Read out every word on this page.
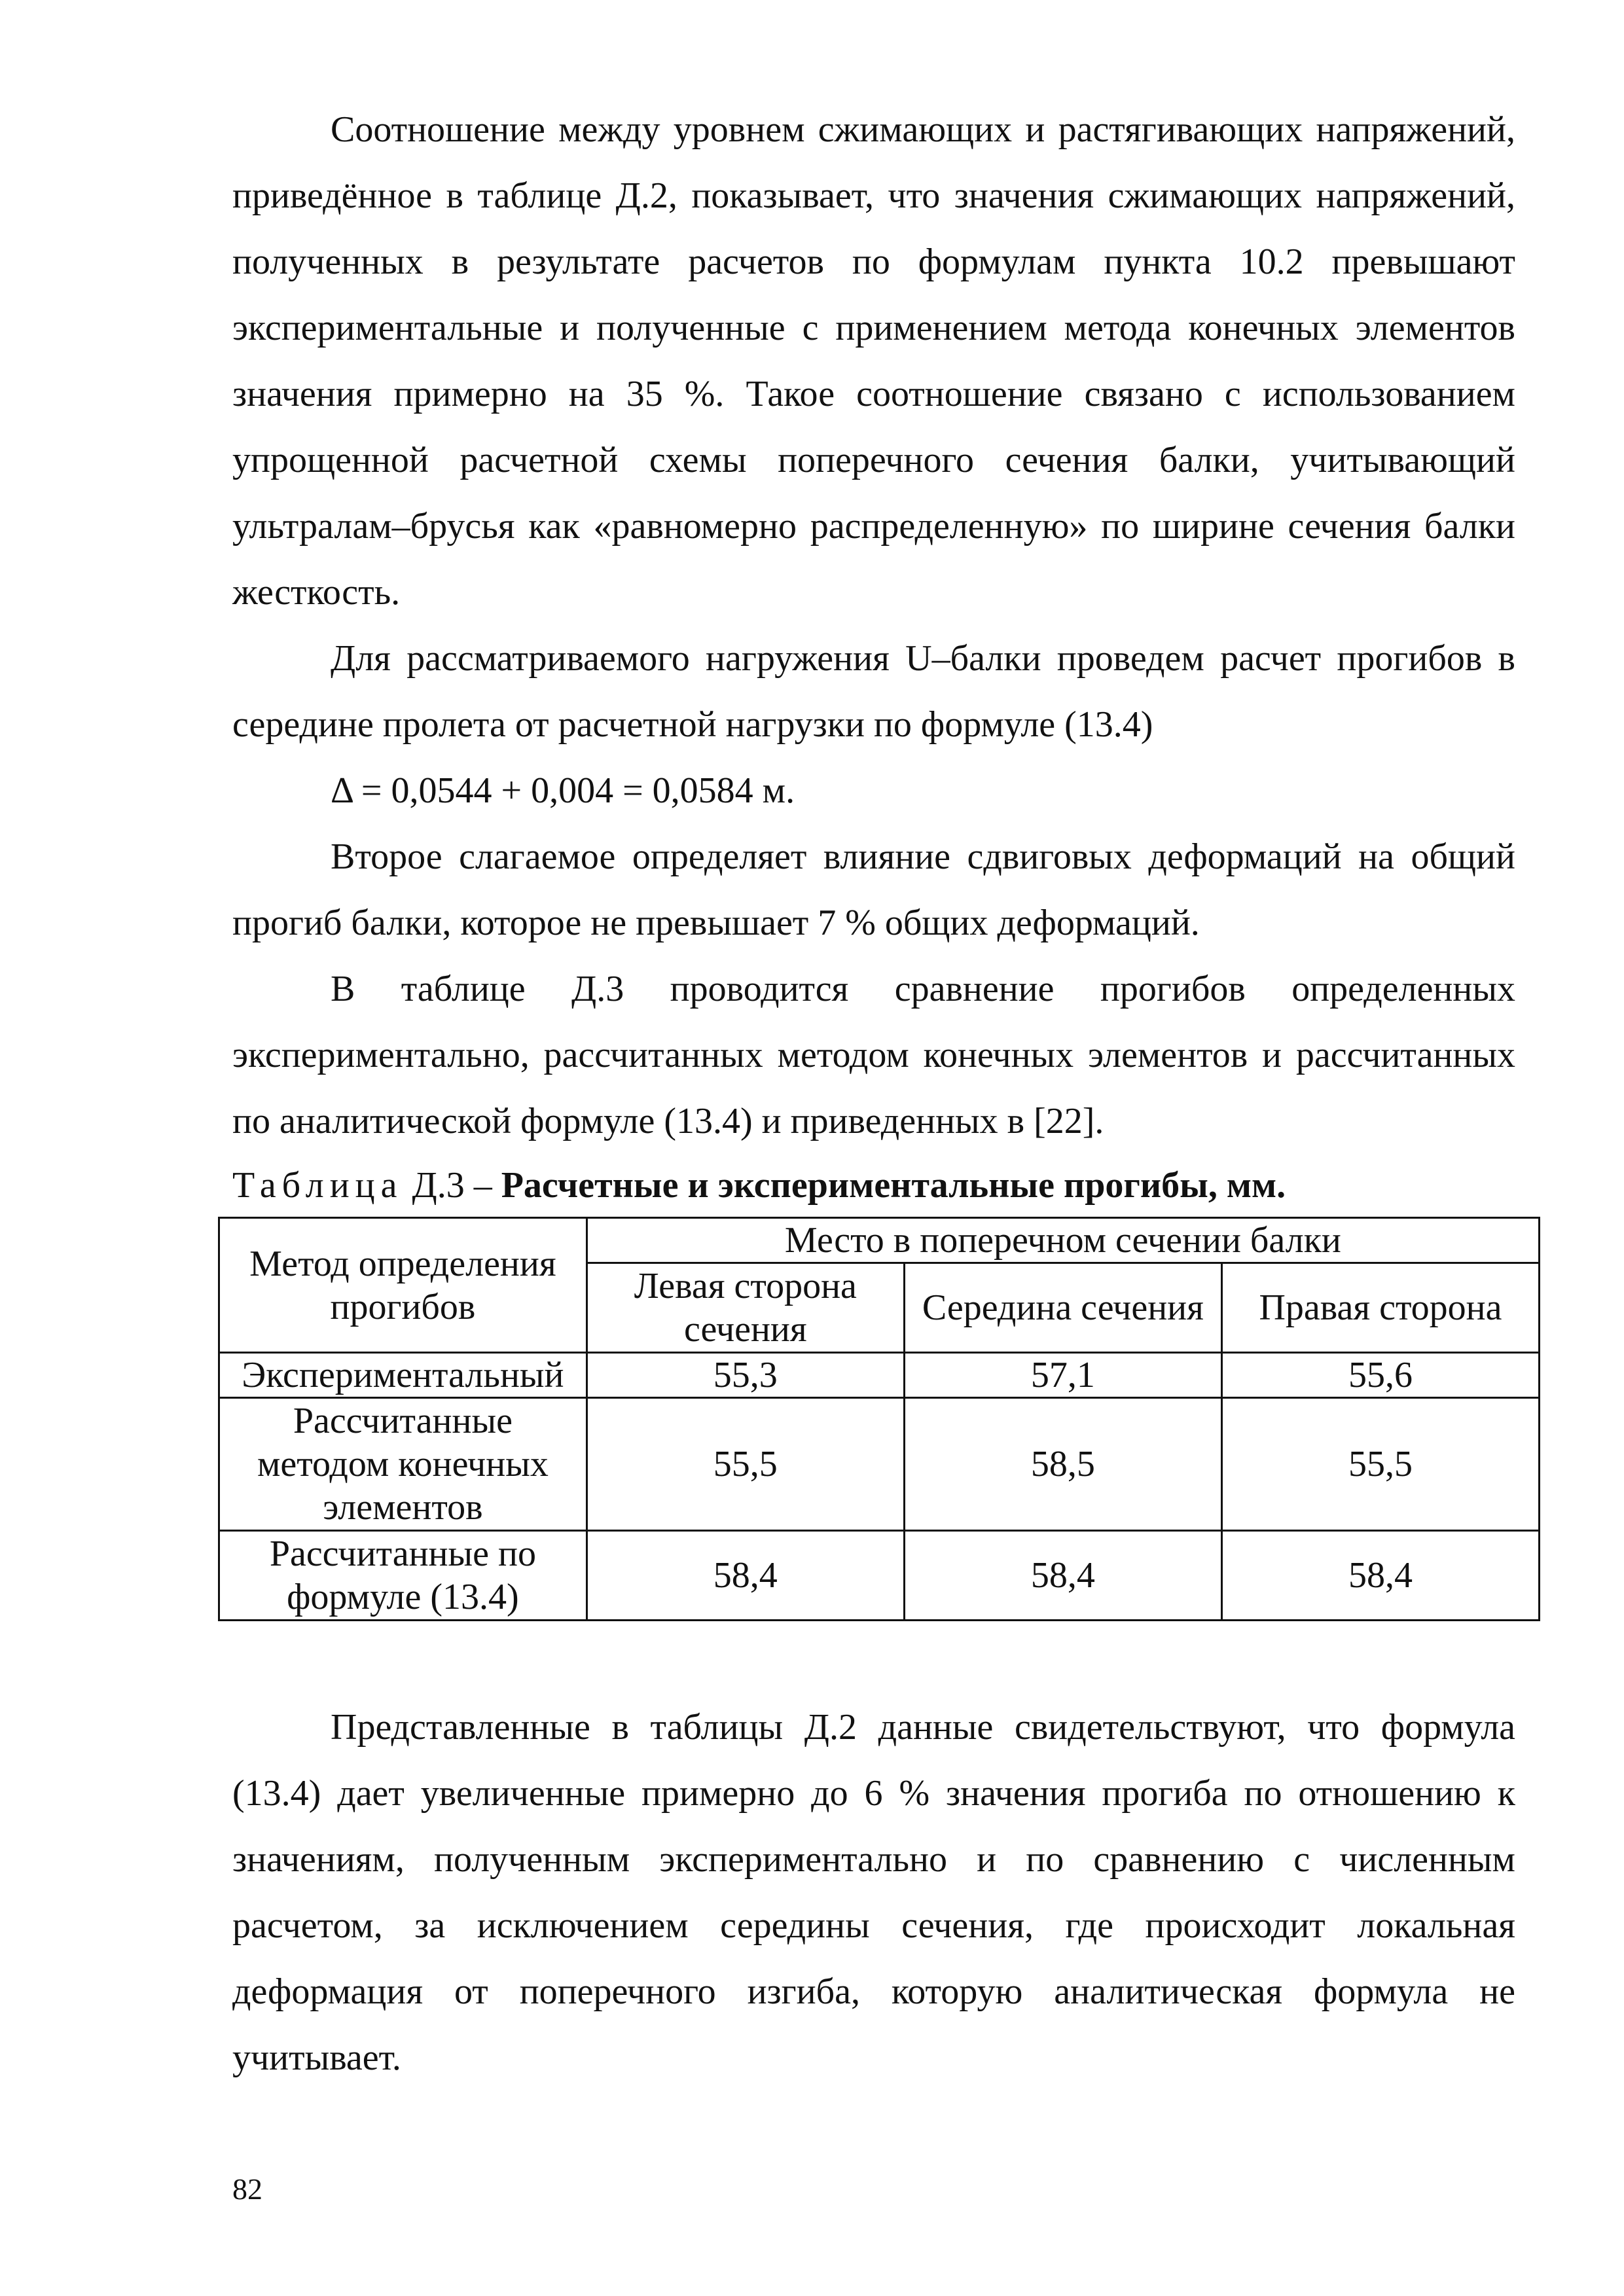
Соотношение между уровнем сжимающих и растягивающих напряжений, приведённое в таблице Д.2, показывает, что значения сжимающих напряжений, полученных в результате расчетов по формулам пункта 10.2 превышают экспериментальные и полученные с применением метода конечных элементов значения примерно на 35 %. Такое соотношение связано с использованием упрощенной расчетной схемы поперечного сечения балки, учитывающий ультралам–брусья как «равномерно распределенную» по ширине сечения балки жесткость.

Для рассматриваемого нагружения U–балки проведем расчет прогибов в середине пролета от расчетной нагрузки по формуле (13.4)

Δ = 0,0544 + 0,004 = 0,0584 м.

Второе слагаемое определяет влияние сдвиговых деформаций на общий прогиб балки, которое не превышает 7 % общих деформаций.

В таблице Д.3 проводится сравнение прогибов определенных экспериментально, рассчитанных методом конечных элементов и рассчитанных по аналитической формуле (13.4) и приведенных в [22].

Таблица Д.3 – Расчетные и экспериментальные прогибы, мм.
Метод определения прогибов	Место в поперечном сечении балки		
	Левая сторона сечения	Середина сечения	Правая сторона
Экспериментальный	55,3	57,1	55,6
Рассчитанные методом конечных элементов	55,5	58,5	55,5
Рассчитанные по формуле (13.4)	58,4	58,4	58,4

Представленные в таблицы Д.2 данные свидетельствуют, что формула (13.4) дает увеличенные примерно до 6 % значения прогиба по отношению к значениям, полученным экспериментально и по сравнению с численным расчетом, за исключением середины сечения, где происходит локальная деформация от поперечного изгиба, которую аналитическая формула не учитывает.

82
